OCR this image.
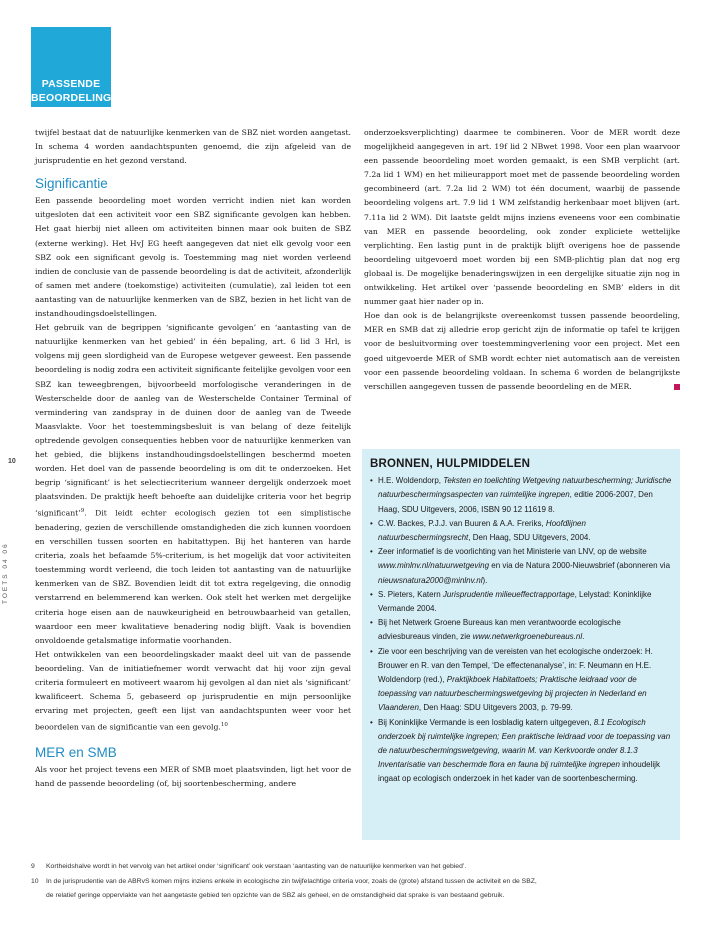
PASSENDE
BEOORDELING
10
TOETS 04 06

twijfel bestaat dat de natuurlijke kenmerken van de SBZ niet worden aangetast. In schema 4 worden aandachtspunten genoemd, die zijn afgeleid van de jurisprudentie en het gezond verstand.

Significantie

Een passende beoordeling moet worden verricht indien niet kan worden uitgesloten dat een activiteit voor een SBZ significante gevolgen kan hebben. Het gaat hierbij niet alleen om activiteiten binnen maar ook buiten de SBZ (externe werking). Het HvJ EG heeft aangegeven dat niet elk gevolg voor een SBZ ook een significant gevolg is. Toestemming mag niet worden verleend indien de conclusie van de passende beoordeling is dat de activiteit, afzonderlijk of samen met andere (toekomstige) activiteiten (cumulatie), zal leiden tot een aantasting van de natuurlijke kenmerken van de SBZ, bezien in het licht van de instandhoudingsdoelstellingen.

Het gebruik van de begrippen ‘significante gevolgen’ en ‘aantasting van de natuurlijke kenmerken van het gebied’ in één bepaling, art. 6 lid 3 Hrl, is volgens mij geen slordigheid van de Europese wetgever geweest. Een passende beoordeling is nodig zodra een activiteit significante feitelijke gevolgen voor een SBZ kan teweegbrengen, bijvoorbeeld morfologische veranderingen in de Westerschelde door de aanleg van de Westerschelde Container Terminal of vermindering van zandspray in de duinen door de aanleg van de Tweede Maasvlakte. Voor het toestemmingsbesluit is van belang of deze feitelijk optredende gevolgen consequenties hebben voor de natuurlijke kenmerken van het gebied, die blijkens instandhoudingsdoelstellingen beschermd moeten worden. Het doel van de passende beoordeling is om dit te onderzoeken. Het begrip ‘significant’ is het selectiecriterium wanneer dergelijk onderzoek moet plaatsvinden. De praktijk heeft behoefte aan duidelijke criteria voor het begrip ‘significant’$^9$. Dit leidt echter ecologisch gezien tot een simplistische benadering, gezien de verschillende omstandigheden die zich kunnen voordoen en verschillen tussen soorten en habitattypen. Bij het hanteren van harde criteria, zoals het befaamde 5%-criterium, is het mogelijk dat voor activiteiten toestemming wordt verleend, die toch leiden tot aantasting van de natuurlijke kenmerken van de SBZ. Bovendien leidt dit tot extra regelgeving, die onnodig verstarrend en belemmerend kan werken. Ook stelt het werken met dergelijke criteria hoge eisen aan de nauwkeurigheid en betrouwbaarheid van getallen, waardoor een meer kwalitatieve benadering nodig blijft. Vaak is bovendien onvoldoende getalsmatige informatie voorhanden.

Het ontwikkelen van een beoordelingskader maakt deel uit van de passende beoordeling. Van de initiatiefnemer wordt verwacht dat hij voor zijn geval criteria formuleert en motiveert waarom hij gevolgen al dan niet als ‘significant’ kwalificeert. Schema 5, gebaseerd op jurisprudentie en mijn persoonlijke ervaring met projecten, geeft een lijst van aandachtspunten weer voor het beoordelen van de significantie van een gevolg.$^{10}$

MER en SMB

Als voor het project tevens een MER of SMB moet plaatsvinden, ligt het voor de hand de passende beoordeling (of, bij soortenbescherming, andere

onderzoeksverplichting) daarmee te combineren. Voor de MER wordt deze mogelijkheid aangegeven in art. 19f lid 2 NBwet 1998. Voor een plan waarvoor een passende beoordeling moet worden gemaakt, is een SMB verplicht (art. 7.2a lid 1 WM) en het milieurapport moet met de passende beoordeling worden gecombineerd (art. 7.2a lid 2 WM) tot één document, waarbij de passende beoordeling volgens art. 7.9 lid 1 WM zelfstandig herkenbaar moet blijven (art. 7.11a lid 2 WM). Dit laatste geldt mijns inziens eveneens voor een combinatie van MER en passende beoordeling, ook zonder expliciete wettelijke verplichting. Een lastig punt in de praktijk blijft overigens hoe de passende beoordeling uitgevoerd moet worden bij een SMB-plichtig plan dat nog erg globaal is. De mogelijke benaderingswijzen in een dergelijke situatie zijn nog in ontwikkeling. Het artikel over ‘passende beoordeling en SMB’ elders in dit nummer gaat hier nader op in.

Hoe dan ook is de belangrijkste overeenkomst tussen passende beoordeling, MER en SMB dat zij alledrie erop gericht zijn de informatie op tafel te krijgen voor de besluitvorming over toestemmingverlening voor een project. Met een goed uitgevoerde MER of SMB wordt echter niet automatisch aan de vereisten voor een passende beoordeling voldaan. In schema 6 worden de belangrijkste verschillen aangegeven tussen de passende beoordeling en de MER.

BRONNEN, HULPMIDDELEN
• H.E. Woldendorp, Teksten en toelichting Wetgeving natuurbescherming; Juridische natuurbeschermingsaspecten van ruimtelijke ingrepen, editie 2006-2007, Den Haag, SDU Uitgevers, 2006, ISBN 90 12 11619 8.
• C.W. Backes, P.J.J. van Buuren & A.A. Freriks, Hoofdlijnen natuurbeschermingsrecht, Den Haag, SDU Uitgevers, 2004.
• Zeer informatief is de voorlichting van het Ministerie van LNV, op de website www.minlnv.nl/natuurwetgeving en via de Natura 2000-Nieuwsbrief (abonneren via nieuwsnatura2000@minlnv.nl).
• S. Pieters, Katern Jurisprudentie milieueffectrapportage, Lelystad: Koninklijke Vermande 2004.
• Bij het Netwerk Groene Bureaus kan men verantwoorde ecologische adviesbureaus vinden, zie www.netwerkgroenebureaus.nl.
• Zie voor een beschrijving van de vereisten van het ecologische onderzoek: H. Brouwer en R. van den Tempel, ‘De effectenanalyse’, in: F. Neumann en H.E. Woldendorp (red.), Praktijkboek Habitattoets; Praktische leidraad voor de toepassing van natuurbeschermingswetgeving bij projecten in Nederland en Vlaanderen, Den Haag: SDU Uitgevers 2003, p. 79-99.
• Bij Koninklijke Vermande is een losbladig katern uitgegeven, 8.1 Ecologisch onderzoek bij ruimtelijke ingrepen; Een praktische leidraad voor de toepassing van de natuurbeschermingswetgeving, waarin M. van Kerkvoorde onder 8.1.3 Inventarisatie van beschermde flora en fauna bij ruimtelijke ingrepen inhoudelijk ingaat op ecologisch onderzoek in het kader van de soortenbescherming.
9	Kortheidshalve wordt in het vervolg van het artikel onder ‘significant’ ook verstaan ‘aantasting van de natuurlijke kenmerken van het gebied’.
10	In de jurisprudentie van de ABRvS komen mijns inziens enkele in ecologische zin twijfelachtige criteria voor, zoals de (grote) afstand tussen de activiteit en de SBZ,
de relatief geringe oppervlakte van het aangetaste gebied ten opzichte van de SBZ als geheel, en de omstandigheid dat sprake is van bestaand gebruik.
